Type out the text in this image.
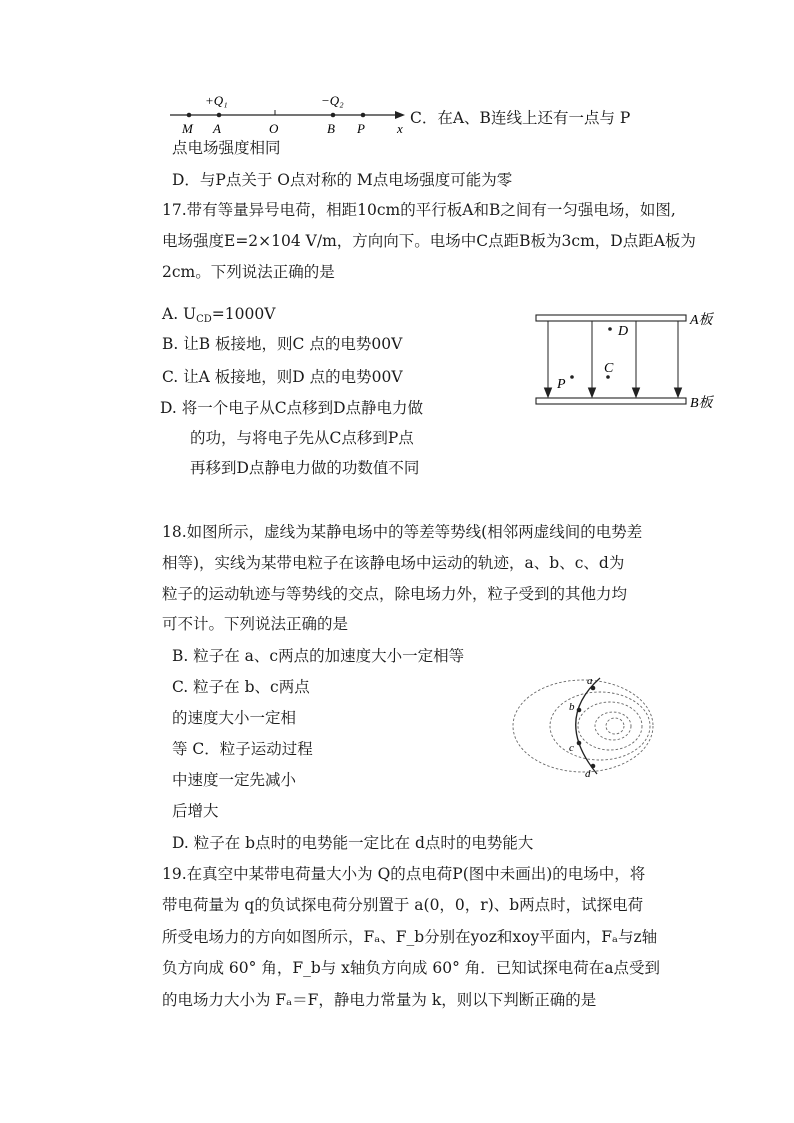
+Q₁	−Q₂
M A	O	B P x
C．在A、B连线上还有一点与 P
点电场强度相同
D．与P点关于 O点对称的 M点电场强度可能为零
17.带有等量异号电荷，相距10cm的平行板A和B之间有一匀强电场，如图,
电场强度E=2×104 V/m，方向向下。电场中C点距B板为3cm，D点距A板为
2cm。下列说法正确的是
A. $U_{CD}=1000V$
B. 让B 板接地，则C 点的电势00V
C. 让A 板接地，则D 点的电势00V
D. 将一个电子从C点移到D点静电力做
的功，与将电子先从C点移到P点
再移到D点静电力做的功数值不同
D
C
P
A板
B板
18.如图所示，虚线为某静电场中的等差等势线(相邻两虚线间的电势差
相等)，实线为某带电粒子在该静电场中运动的轨迹，a、b、c、d为
粒子的运动轨迹与等势线的交点，除电场力外，粒子受到的其他力均
可不计。下列说法正确的是
B. 粒子在 a、c两点的加速度大小一定相等
C. 粒子在 b、c两点
的速度大小一定相
等 C．粒子运动过程
中速度一定先减小
后增大
D. 粒子在 b点时的电势能一定比在 d点时的电势能大
a
b
c
d
19.在真空中某带电荷量大小为 Q的点电荷P(图中未画出)的电场中，将
带电荷量为 q的负试探电荷分别置于 a(0，0，r)、b两点时，试探电荷
所受电场力的方向如图所示，Fₐ、F_b分别在yoz和xoy平面内，Fₐ与z轴
负方向成 60° 角，F_b与 x轴负方向成 60° 角．已知试探电荷在a点受到
的电场力大小为 Fₐ＝F，静电力常量为 k，则以下判断正确的是
